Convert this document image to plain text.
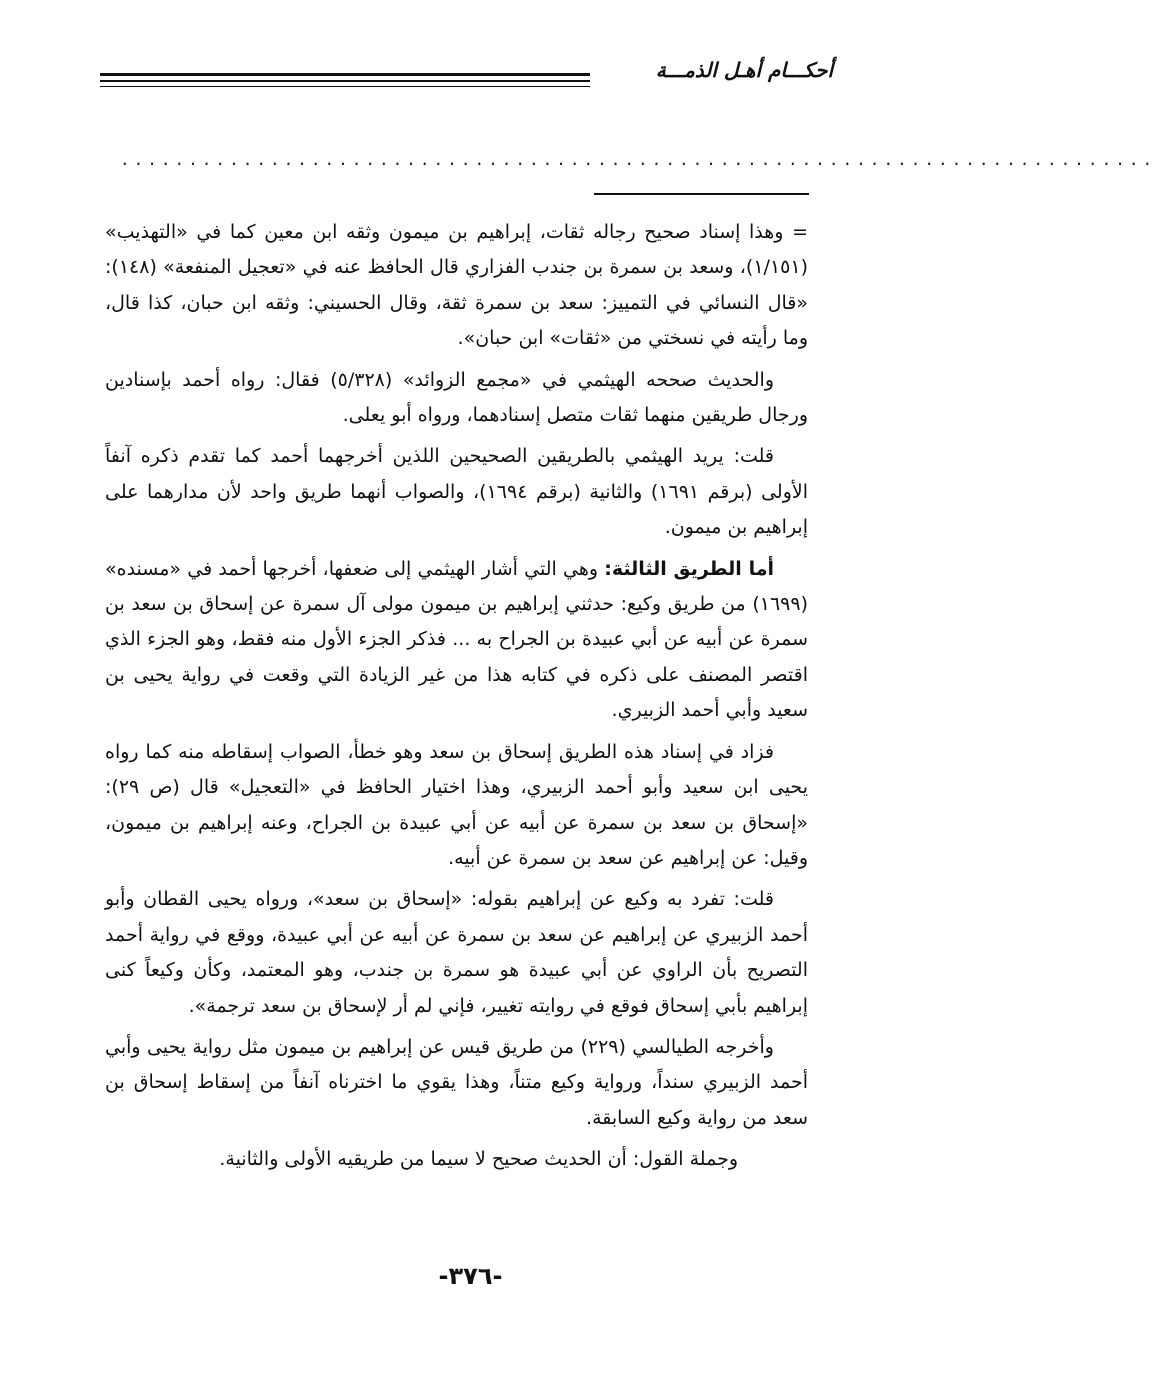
أحكـــام أهـل الذمـــة
............................................................................

= وهذا إسناد صحيح رجاله ثقات، إبراهيم بن ميمون وثقه ابن معين كما في «التهذيب» (١/١٥١)، وسعد بن سمرة بن جندب الفزاري قال الحافظ عنه في «تعجيل المنفعة» (١٤٨): «قال النسائي في التمييز: سعد بن سمرة ثقة، وقال الحسيني: وثقه ابن حبان، كذا قال، وما رأيته في نسختي من «ثقات» ابن حبان».

والحديث صححه الهيثمي في «مجمع الزوائد» (٥/٣٢٨) فقال: رواه أحمد بإسنادين ورجال طريقين منهما ثقات متصل إسنادهما، ورواه أبو يعلى.

قلت: يريد الهيثمي بالطريقين الصحيحين اللذين أخرجهما أحمد كما تقدم ذكره آنفاً الأولى (برقم ١٦٩١) والثانية (برقم ١٦٩٤)، والصواب أنهما طريق واحد لأن مدارهما على إبراهيم بن ميمون.

أما الطريق الثالثة: وهي التي أشار الهيثمي إلى ضعفها، أخرجها أحمد في «مسنده» (١٦٩٩) من طريق وكيع: حدثني إبراهيم بن ميمون مولى آل سمرة عن إسحاق بن سعد بن سمرة عن أبيه عن أبي عبيدة بن الجراح به ... فذكر الجزء الأول منه فقط، وهو الجزء الذي اقتصر المصنف على ذكره في كتابه هذا من غير الزيادة التي وقعت في رواية يحيى بن سعيد وأبي أحمد الزبيري.

فزاد في إسناد هذه الطريق إسحاق بن سعد وهو خطأ، الصواب إسقاطه منه كما رواه يحيى ابن سعيد وأبو أحمد الزبيري، وهذا اختيار الحافظ في «التعجيل» قال (ص ٢٩): «إسحاق بن سعد بن سمرة عن أبيه عن أبي عبيدة بن الجراح، وعنه إبراهيم بن ميمون، وقيل: عن إبراهيم عن سعد بن سمرة عن أبيه.

قلت: تفرد به وكيع عن إبراهيم بقوله: «إسحاق بن سعد»، ورواه يحيى القطان وأبو أحمد الزبيري عن إبراهيم عن سعد بن سمرة عن أبيه عن أبي عبيدة، ووقع في رواية أحمد التصريح بأن الراوي عن أبي عبيدة هو سمرة بن جندب، وهو المعتمد، وكأن وكيعاً كنى إبراهيم بأبي إسحاق فوقع في روايته تغيير، فإني لم أر لإسحاق بن سعد ترجمة».

وأخرجه الطيالسي (٢٢٩) من طريق قيس عن إبراهيم بن ميمون مثل رواية يحيى وأبي أحمد الزبيري سنداً، ورواية وكيع متناً، وهذا يقوي ما اخترناه آنفاً من إسقاط إسحاق بن سعد من رواية وكيع السابقة.

وجملة القول: أن الحديث صحيح لا سيما من طريقيه الأولى والثانية.

-٣٧٦-
